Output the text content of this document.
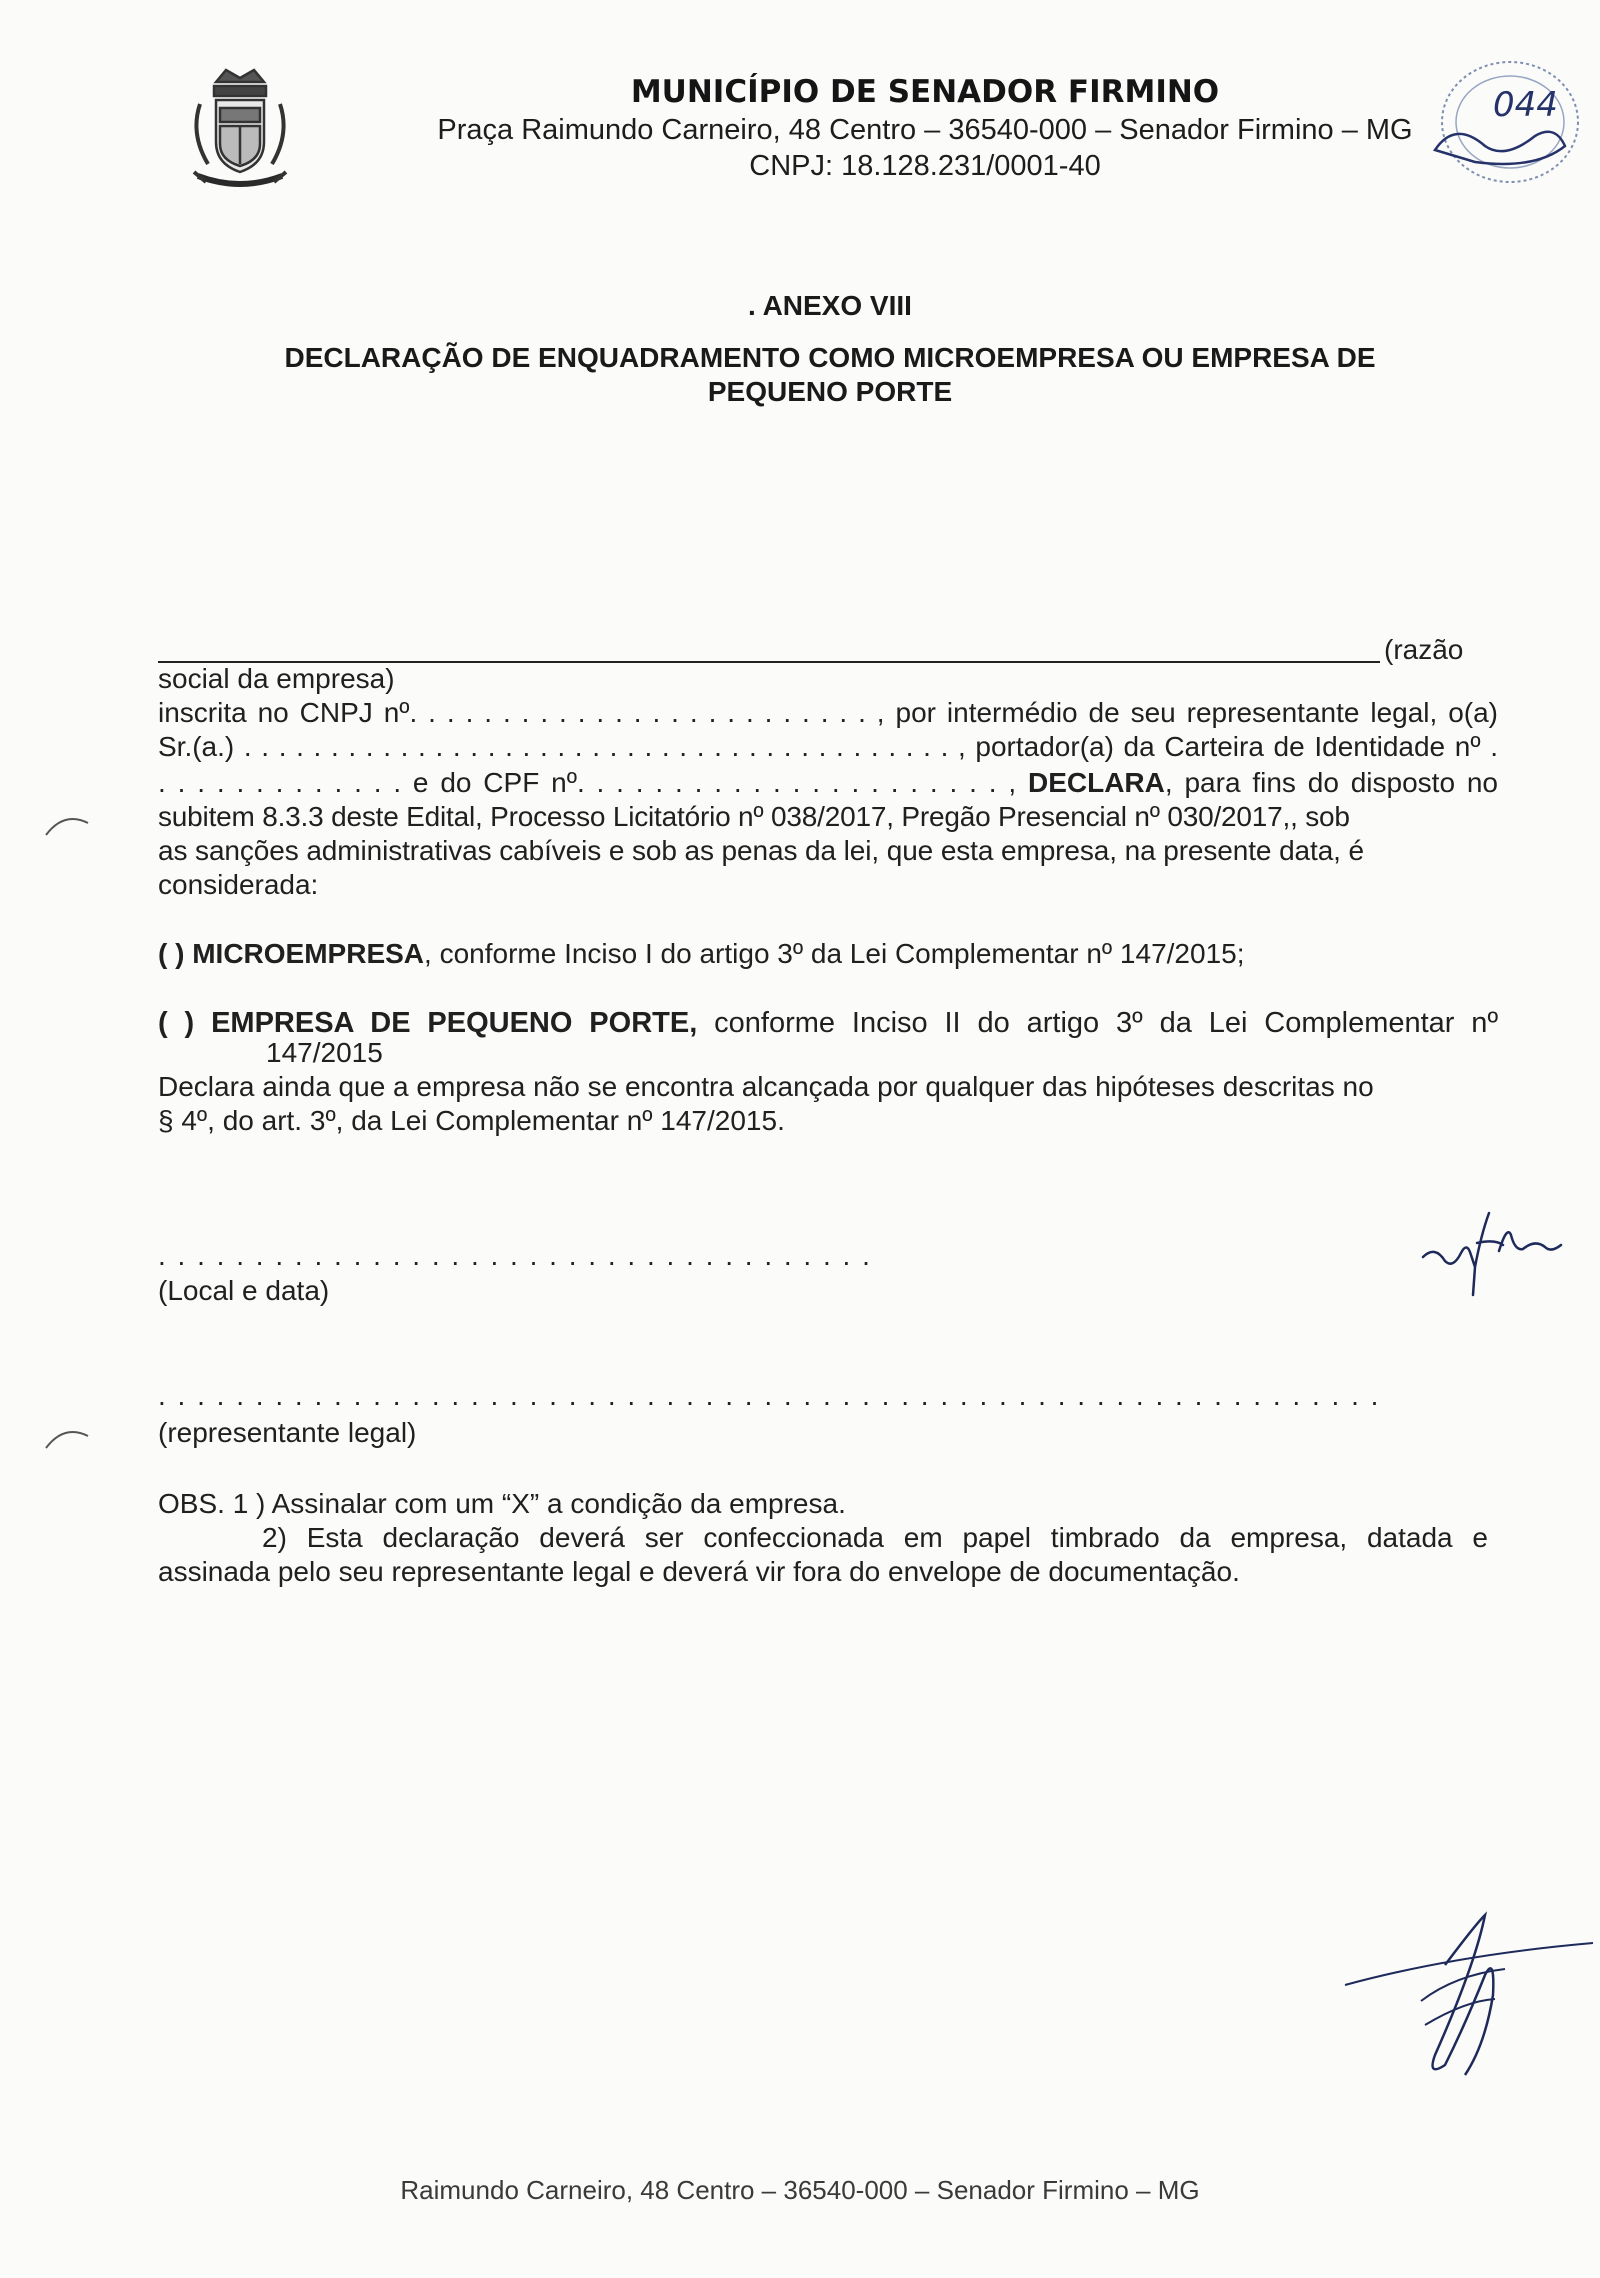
MUNICÍPIO DE SENADOR FIRMINO
Praça Raimundo Carneiro, 48 Centro – 36540-000 – Senador Firmino – MG
CNPJ: 18.128.231/0001-40
044
. ANEXO VIII
DECLARAÇÃO DE ENQUADRAMENTO COMO MICROEMPRESA OU EMPRESA DE
PEQUENO PORTE
(razão
social da empresa)
inscrita no CNPJ nº. . . . . . . . . . . . . . . . . . . . . . . . . , por intermédio de seu representante legal, o(a)
Sr.(a.) . . . . . . . . . . . . . . . . . . . . . . . . . . . . . . . . . . . . . . . . . , portador(a) da Carteira de Identidade nº .
. . . . . . . . . . . . . e do CPF nº. . . . . . . . . . . . . . . . . . . . . . , DECLARA, para fins do disposto no
subitem 8.3.3 deste Edital, Processo Licitatório nº 038/2017, Pregão Presencial nº 030/2017,, sob
as sanções administrativas cabíveis e sob as penas da lei, que esta empresa, na presente data, é
considerada:
( ) MICROEMPRESA, conforme Inciso I do artigo 3º da Lei Complementar nº 147/2015;
( ) EMPRESA DE PEQUENO PORTE, conforme Inciso II do artigo 3º da Lei Complementar nº
147/2015
Declara ainda que a empresa não se encontra alcançada por qualquer das hipóteses descritas no
§ 4º, do art. 3º, da Lei Complementar nº 147/2015.
. . . . . . . . . . . . . . . . . . . . . . . . . . . . . . . . . . . . .
(Local e data)
. . . . . . . . . . . . . . . . . . . . . . . . . . . . . . . . . . . . . . . . . . . . . . . . . . . . . . . . . . . . . . .
(representante legal)
OBS. 1 ) Assinalar com um “X” a condição da empresa.
2) Esta declaração deverá ser confeccionada em papel timbrado da empresa, datada e
assinada pelo seu representante legal e deverá vir fora do envelope de documentação.
Raimundo Carneiro, 48 Centro – 36540-000 – Senador Firmino – MG
